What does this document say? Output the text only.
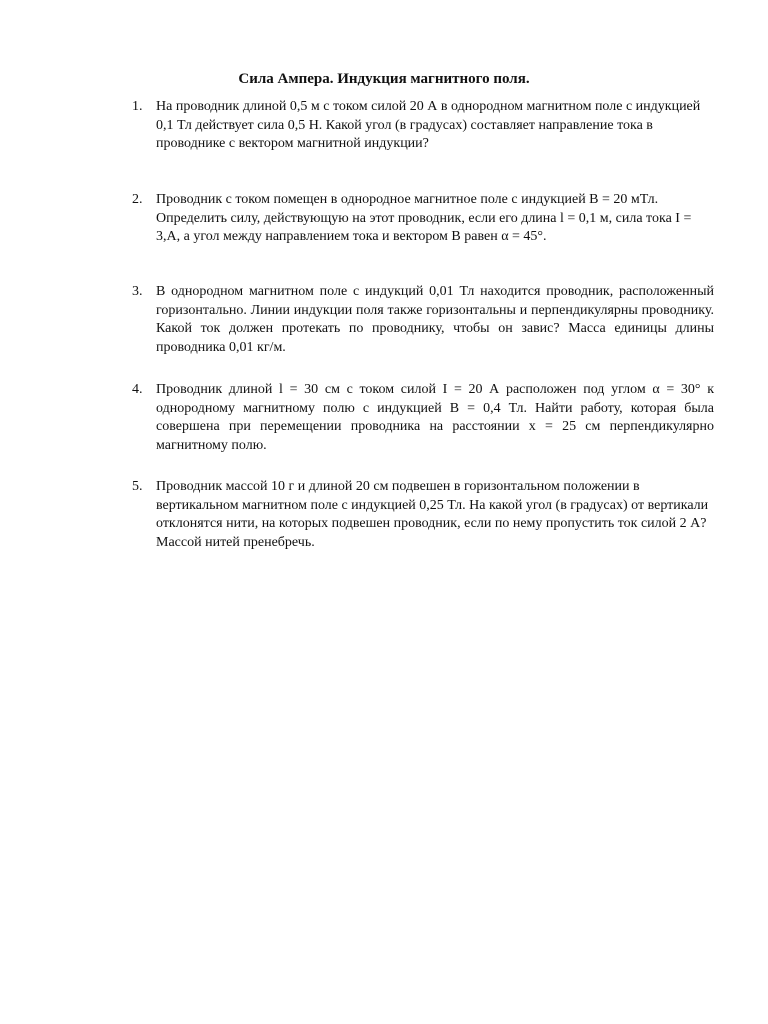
Сила Ампера. Индукция магнитного поля.
1. На проводник длиной 0,5 м с током силой 20 А в однородном магнитном поле с индукцией 0,1 Тл действует сила 0,5 Н. Какой угол (в градусах) составляет направление тока в проводнике с вектором магнитной индукции?
2. Проводник с током помещен в однородное магнитное поле с индукцией B = 20 мТл. Определить силу, действующую на этот проводник, если его длина l = 0,1 м, сила тока I = 3,А, а угол между направлением тока и вектором B равен α = 45°.
3. В однородном магнитном поле с индукций 0,01 Тл находится проводник, расположенный горизонтально. Линии индукции поля также горизонтальны и перпендикулярны проводнику. Какой ток должен протекать по проводнику, чтобы он завис? Масса единицы длины проводника 0,01 кг/м.
4. Проводник длиной l = 30 см с током силой I = 20 А расположен под углом α = 30° к однородному магнитному полю с индукцией B = 0,4 Тл. Найти работу, которая была совершена при перемещении проводника на расстоянии x = 25 см перпендикулярно магнитному полю.
5. Проводник массой 10 г и длиной 20 см подвешен в горизонтальном положении в вертикальном магнитном поле с индукцией 0,25 Тл. На какой угол (в градусах) от вертикали отклонятся нити, на которых подвешен проводник, если по нему пропустить ток силой 2 А? Массой нитей пренебречь.
